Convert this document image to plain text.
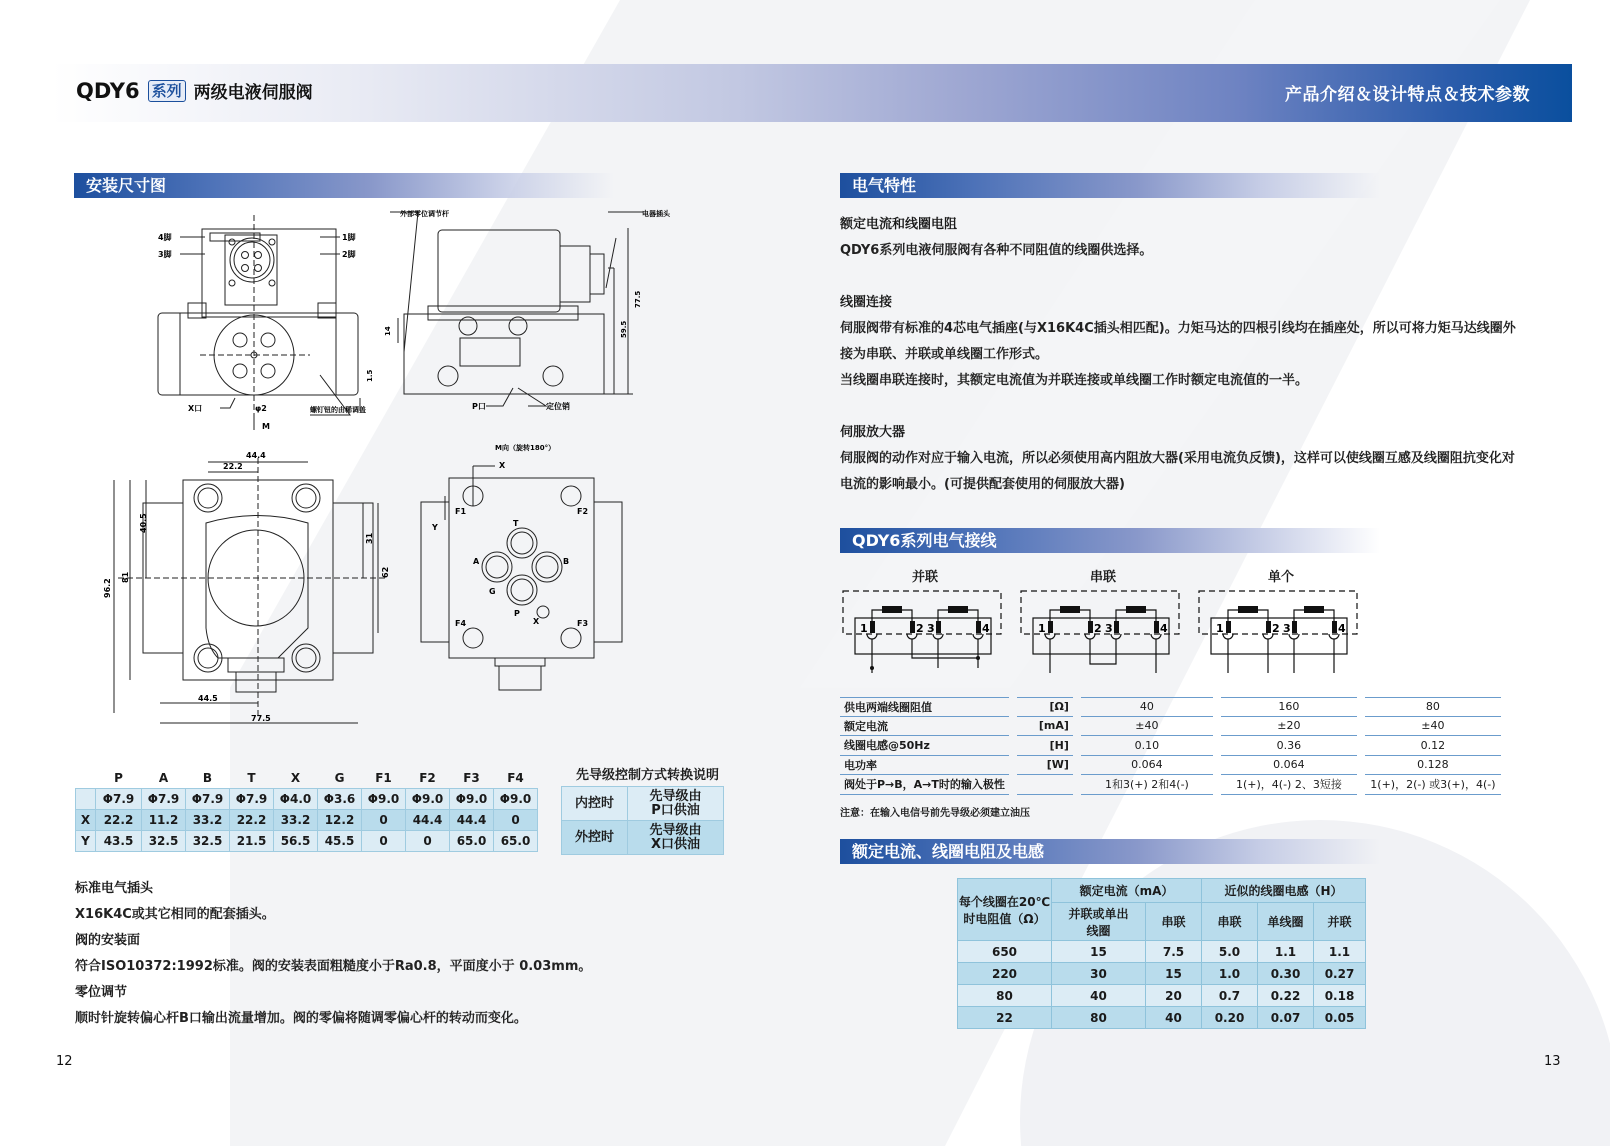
QDY6 系列 两级电液伺服阀	产品介绍＆设计特点＆技术参数
安装尺寸图
4脚
3脚
1脚
2脚
X口	φ2
M
螺钉钮的由稀调盖
1.5
外部零位调节杆	电器插头
14	59.5
77.5
P口	定位销
44.4
22.2
40.5
81
96.2
31
62
44.5
77.5
M向（旋转180°）
X
Y
F1	F2
F4	F3
T
A	B
P
G
X
	P	A	B	T	X	G	F1	F2	F3	F4
	Φ7.9	Φ7.9	Φ7.9	Φ7.9	Φ4.0	Φ3.6	Φ9.0	Φ9.0	Φ9.0	Φ9.0
X	22.2	11.2	33.2	22.2	33.2	12.2	0	44.4	44.4	0
Y	43.5	32.5	32.5	21.5	56.5	45.5	0	0	65.0	65.0
先导级控制方式转换说明
内控时	先导级由
P口供油

外控时	先导级由
X口供油

标准电气插头

X16K4C或其它相同的配套插头。

阀的安装面

符合ISO10372:1992标准。阀的安装表面粗糙度小于Ra0.8，平面度小于 0.03mm。

零位调节

顺时针旋转偏心杆B口输出流量增加。阀的零偏将随调零偏心杆的转动而变化。

12
电气特性

额定电流和线圈电阻

QDY6系列电液伺服阀有各种不同阻值的线圈供选择。

线圈连接

伺服阀带有标准的4芯电气插座(与X16K4C插头相匹配)。力矩马达的四根引线均在插座处，所以可将力矩马达线圈外

接为串联、并联或单线圈工作形式。

当线圈串联连接时，其额定电流值为并联连接或单线圈工作时额定电流值的一半。

伺服放大器

伺服阀的动作对应于输入电流，所以必须使用高内阻放大器(采用电流负反馈)，这样可以使线圈互感及线圈阻抗变化对

电流的影响最小。(可提供配套使用的伺服放大器)

QDY6系列电气接线
并联	串联	单个
1	2 3	4	1	2 3	4	1	2 3	4
供电两端线圈阻值	[Ω]	40	160	80
额定电流	[mA]	±40	±20	±40
线圈电感@50Hz	[H]	0.10	0.36	0.12
电功率	[W]	0.064	0.064	0.128
阀处于P→B，A→T时的输入极性		1和3(+) 2和4(-)	1(+)，4(-) 2、3短接	1(+)，2(-) 或3(+)，4(-)
注意：在输入电信号前先导级必须建立油压
额定电流、线圈电阻及电感
每个线圈在20℃
时电阻值（Ω）	额定电流（mA）		近似的线圈电感（H）		

	并联或单出
线圈	串联	串联	单线圈	并联
650	15	7.5	5.0	1.1	1.1
220	30	15	1.0	0.30	0.27
80	40	20	0.7	0.22	0.18
22	80	40	0.20	0.07	0.05
13
